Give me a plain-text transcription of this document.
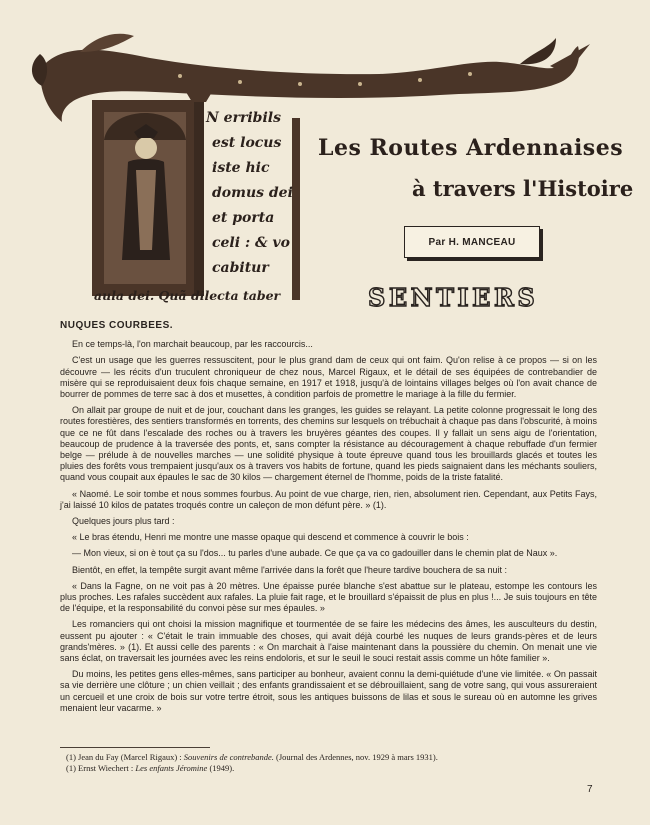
N erribils
est locus
iste hic
domus dei
et porta
celi : & vo
cabitur
aula dei. Quã dilecta taber
Les Routes Ardennaises
à travers l'Histoire
Par H. MANCEAU
SENTIERS

NUQUES COURBEES.

En ce temps-là, l'on marchait beaucoup, par les raccourcis...

C'est un usage que les guerres ressuscitent, pour le plus grand dam de ceux qui ont faim. Qu'on relise à ce propos — si on les découvre — les récits d'un truculent chroniqueur de chez nous, Marcel Rigaux, et le détail de ses équipées de contrebandier de misère qui se reproduisaient deux fois chaque semaine, en 1917 et 1918, jusqu'à de lointains villages belges où l'on avait chance de bourrer de pommes de terre sac à dos et musettes, à condition parfois de promettre le mariage à la fille du fermier.

On allait par groupe de nuit et de jour, couchant dans les granges, les guides se relayant. La petite colonne progressait le long des routes forestières, des sentiers transformés en torrents, des chemins sur lesquels on trébuchait à chaque pas dans l'obscurité, à moins que ce ne fût dans l'escalade des roches ou à travers les bruyères géantes des coupes. Il y fallait un sens aigu de l'orientation, beaucoup de prudence à la traversée des ponts, et, sans compter la résistance au découragement à chaque rebuffade d'un fermier belge — prélude à de nouvelles marches — une solidité physique à toute épreuve quand tous les brouillards glacés et toutes les pluies des forêts vous trempaient jusqu'aux os à travers vos habits de fortune, quand les pieds saignaient dans les méchants souliers, quand vous coupait aux épaules le sac de 30 kilos — chargement éternel de l'homme, poids de la triste fatalité.

« Naomé. Le soir tombe et nous sommes fourbus. Au point de vue charge, rien, rien, absolument rien. Cependant, aux Petits Fays, j'ai laissé 10 kilos de patates troqués contre un caleçon de mon défunt père. » (1).

Quelques jours plus tard :

« Le bras étendu, Henri me montre une masse opaque qui descend et commence à couvrir le bois :

— Mon vieux, si on è tout ça su l'dos... tu parles d'une aubade. Ce que ça va co gadouiller dans le chemin plat de Naux ».

Bientôt, en effet, la tempête surgit avant même l'arrivée dans la forêt que l'heure tardive bouchera de sa nuit :

« Dans la Fagne, on ne voit pas à 20 mètres. Une épaisse purée blanche s'est abattue sur le plateau, estompe les contours les plus proches. Les rafales succèdent aux rafales. La pluie fait rage, et le brouillard s'épaissit de plus en plus !... Je suis toujours en tête de l'équipe, et la responsabilité du convoi pèse sur mes épaules. »

Les romanciers qui ont choisi la mission magnifique et tourmentée de se faire les médecins des âmes, les ausculteurs du destin, eussent pu ajouter : « C'était le train immuable des choses, qui avait déjà courbé les nuques de leurs grands-pères et de leurs grands'mères. » (1). Et aussi celle des parents : « On marchait à l'aise maintenant dans la poussière du chemin. On menait une vie sans éclat, on traversait les journées avec les reins endoloris, et sur le seuil le souci restait assis comme un hôte familier ».

Du moins, les petites gens elles-mêmes, sans participer au bonheur, avaient connu la demi-quiétude d'une vie limitée. « On passait sa vie derrière une clôture ; un chien veillait ; des enfants grandissaient et se débrouillaient, sang de votre sang, qui vous assureraient un cercueil et une croix de bois sur votre tertre étroit, sous les antiques buissons de lilas et sous le sureau où en automne les grives menaient leur vacarme. »

(1) Jean du Fay (Marcel Rigaux) : Souvenirs de contrebande. (Journal des Ardennes, nov. 1929 à mars 1931).
(1) Ernst Wiechert : Les enfants Jéromine (1949).
7
